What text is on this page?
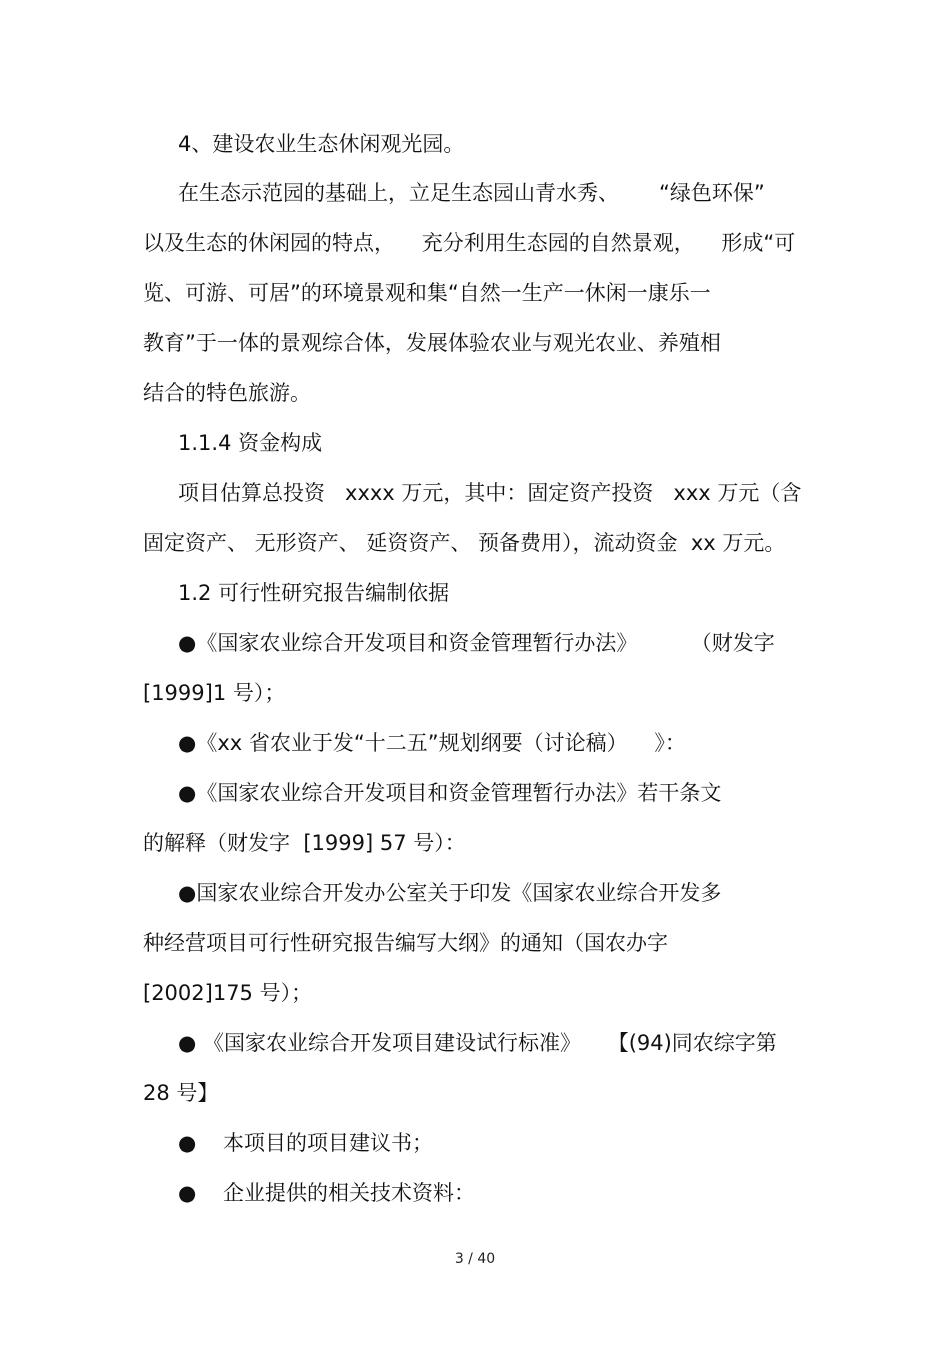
4、建设农业生态休闲观光园。
在生态示范园的基础上，立足生态园山青水秀、      “绿色环保”
以及生态的休闲园的特点，    充分利用生态园的自然景观，    形成“可
览、可游、可居”的环境景观和集“自然一生产一休闲一康乐一
教育”于一体的景观综合体，发展体验农业与观光农业、养殖相
结合的特色旅游。
1.1.4 资金构成
项目估算总投资   xxxx 万元，其中：固定资产投资   xxx 万元（含
固定资产、 无形资产、 延资资产、 预备费用），流动资金  xx 万元。
1.2 可行性研究报告编制依据
●《国家农业综合开发项目和资金管理暂行办法》        （财发字
[1999]1 号）；
●《xx 省农业于发“十二五”规划纲要（讨论稿）    》：
●《国家农业综合开发项目和资金管理暂行办法》若干条文
的解释（财发字  [1999] 57 号）：
●国家农业综合开发办公室关于印发《国家农业综合开发多
种经营项目可行性研究报告编写大纲》的通知（国农办字
[2002]175 号）；
● 《国家农业综合开发项目建设试行标准》    【(94)同农综字第
28 号】
●    本项目的项目建议书；
●    企业提供的相关技术资料：
3 / 40
